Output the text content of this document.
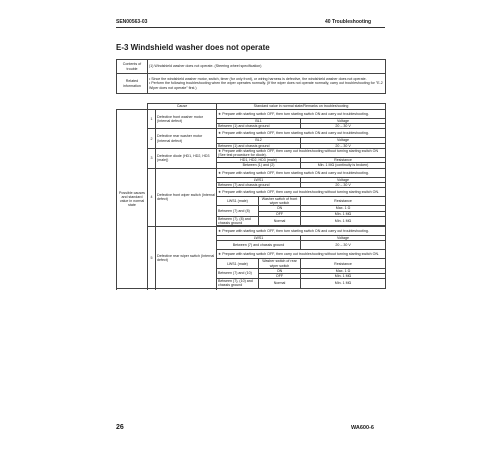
SEN00563-03	40 Troubleshooting
E-3 Windshield washer does not operate
Contents of trouble	(1) Windshield washer does not operate. (Steering wheel specification)
Related information	• Since the windshield washer motor, switch, timer (for only front), or wiring harness is defective, the windshield washer does not operate.
• Perform the following troubleshooting when the wiper operates normally. (If the wiper does not operate normally, carry out troubleshooting for "E-2 Wiper does not operate" first.)
	Cause		Standard value in normal state/Remarks on troubleshooting		
Possible causes and standard value in normal state	1	Defective front washer motor (Internal defect)	★ Prepare with starting switch OFF, then turn starting switch ON and carry out troubleshooting.		
			BL1		Voltage
			Between (1) and chassis ground		20 – 30 V
	2	Defective rear washer motor (Internal defect)	★ Prepare with starting switch OFF, then turn starting switch ON and carry out troubleshooting.		
			BL2		Voltage
			Between (1) and chassis ground		20 – 30 V
	3	Defective diode (HD1, HD2, HD3 (male))	★ Prepare with starting switch OFF, then carry out troubleshooting without turning starting switch ON (See test procedure for diode).		
			HD1, HD2, HD3 (male)		Resistance
			Between (1) and (2)		Min. 1 MΩ (continuity is broken)
	4	Defective front wiper switch (Internal defect)	★ Prepare with starting switch OFF, then turn starting switch ON and carry out troubleshooting.		
			LWS1		Voltage
			Between (7) and chassis ground		20 – 30 V
			★ Prepare with starting switch OFF, then carry out troubleshooting without turning starting switch ON.		
			LWS1 (male)	Washer switch of front wiper switch	Resistance
			Between (7) and (8)	ON	Max. 1 Ω
				OFF	Min. 1 MΩ
			Between (7), (8) and chassis ground	Normal	Min. 1 MΩ

	5	Defective rear wiper switch (Internal defect)	★ Prepare with starting switch OFF, then turn starting switch ON and carry out troubleshooting.		
			LWS1		Voltage
			Between (7) and chassis ground		20 – 30 V
			★ Prepare with starting switch OFF, then carry out troubleshooting without turning starting switch ON.		
			LWS1 (male)	Washer switch of rear wiper switch	Resistance
			Between (7) and (10)	ON	Max. 1 Ω
				OFF	Min. 1 MΩ
			Between (7), (10) and chassis ground	Normal	Min. 1 MΩ

26	WA600-6
